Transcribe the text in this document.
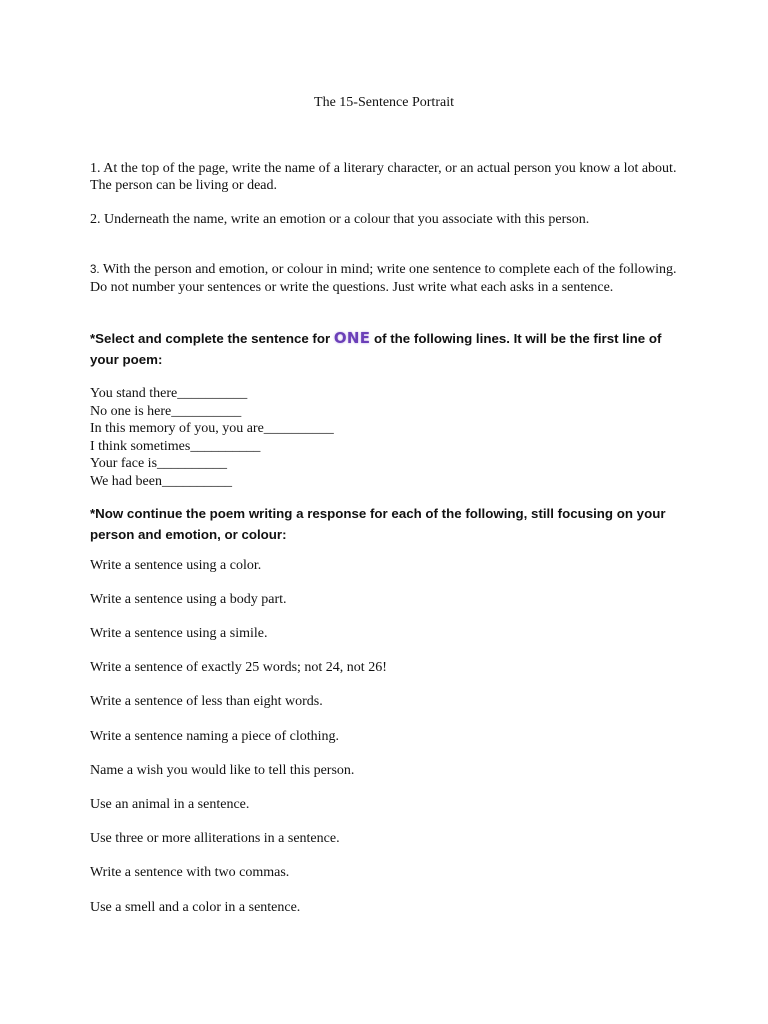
The 15-Sentence Portrait
1. At the top of the page, write the name of a literary character, or an actual person you know a lot about. The person can be living or dead.
2. Underneath the name, write an emotion or a colour that you associate with this person.
3. With the person and emotion, or colour in mind; write one sentence to complete each of the following. Do not number your sentences or write the questions. Just write what each asks in a sentence.
*Select and complete the sentence for ONE of the following lines. It will be the first line of your poem:
You stand there__________
No one is here__________
In this memory of you, you are__________
I think sometimes__________
Your face is__________
We had been__________
*Now continue the poem writing a response for each of the following, still focusing on your person and emotion, or colour:
Write a sentence using a color.
Write a sentence using a body part.
Write a sentence using a simile.
Write a sentence of exactly 25 words; not 24, not 26!
Write a sentence of less than eight words.
Write a sentence naming a piece of clothing.
Name a wish you would like to tell this person.
Use an animal in a sentence.
Use three or more alliterations in a sentence.
Write a sentence with two commas.
Use a smell and a color in a sentence.
